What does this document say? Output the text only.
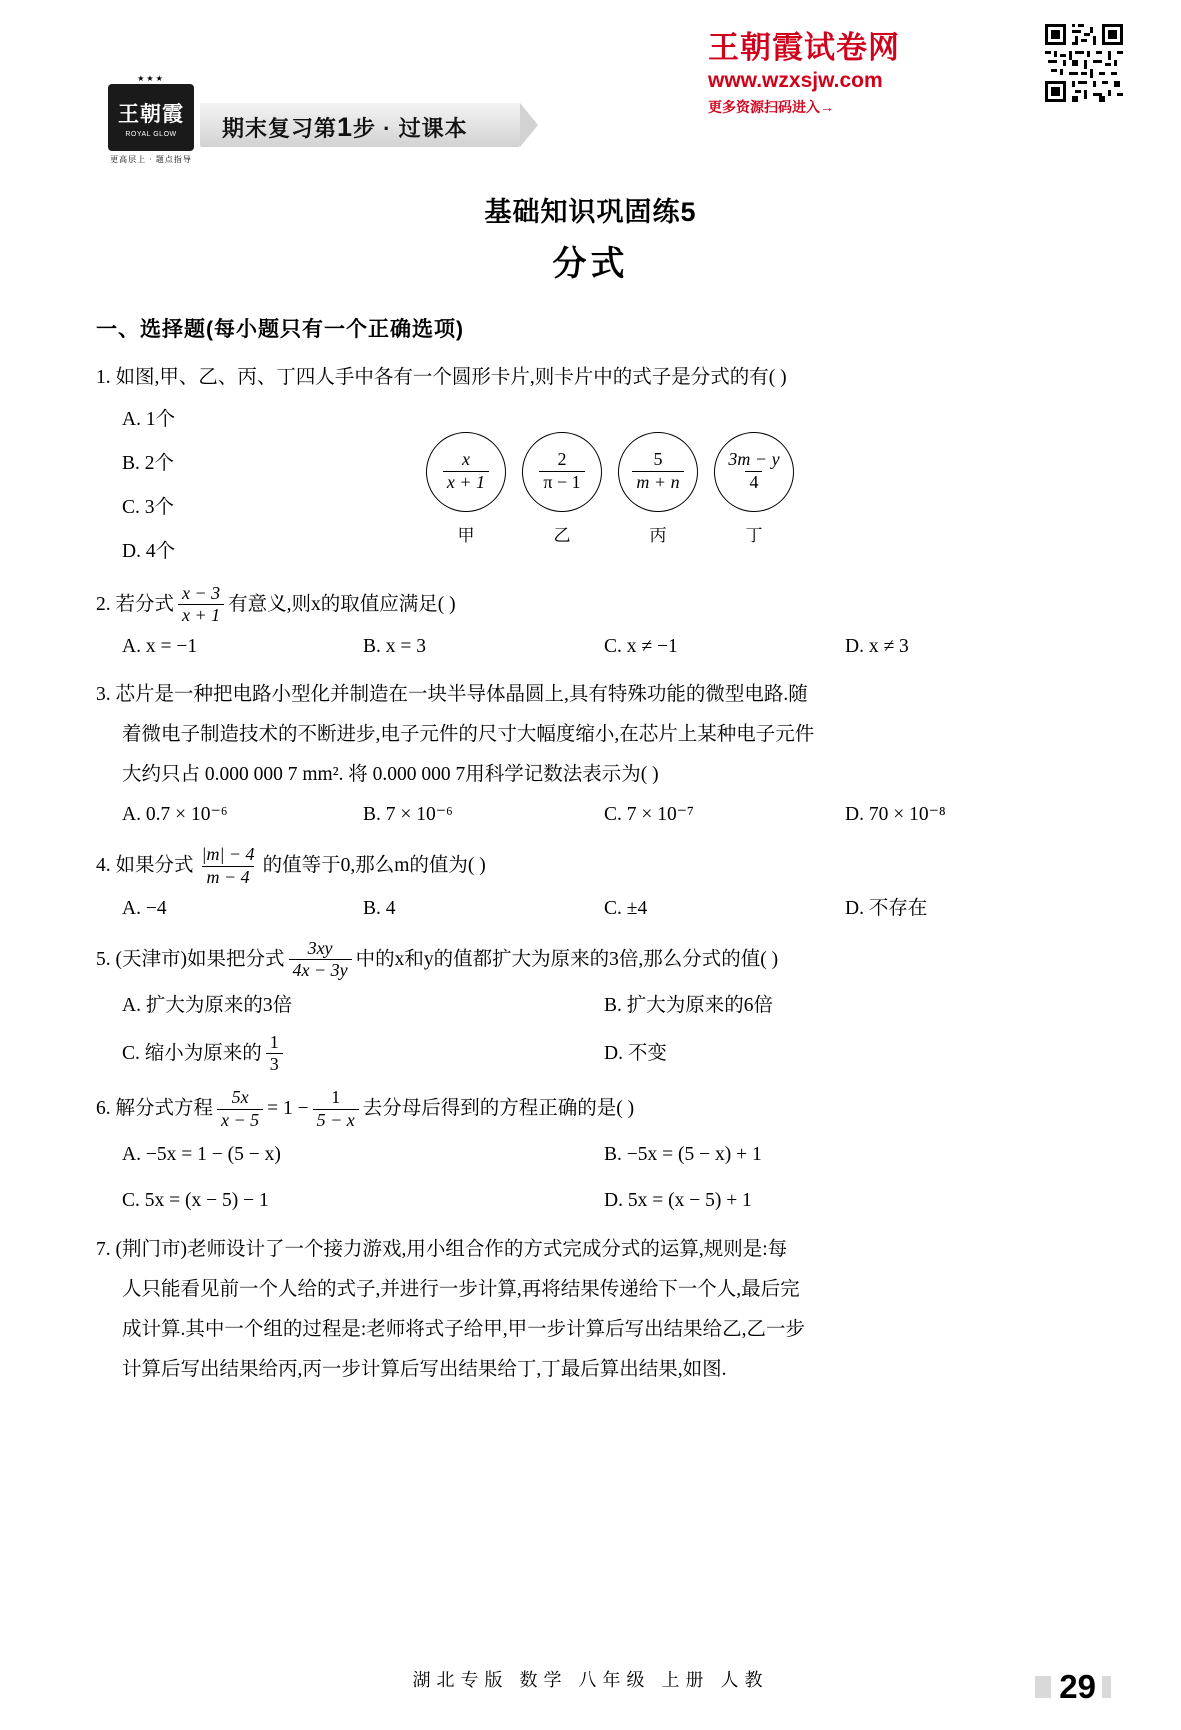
★★★
王朝霞
ROYAL GLOW
更高层上 · 题点指导
期末复习第1步 · 过课本
王朝霞试卷网
www.wzxsjw.com
更多资源扫码进入→
基础知识巩固练5
分式
一、选择题(每小题只有一个正确选项)
1. 如图,甲、乙、丙、丁四人手中各有一个圆形卡片,则卡片中的式子是分式的有( )
A. 1个
B. 2个
C. 3个
D. 4个
$\frac{x}{x + 1}$
甲
$\frac{2}{\pi - 1}$
乙
$\frac{5}{m + n}$
丙
$\frac{3m - y}{4}$
丁
2. 若分式 $\frac{x - 3}{x + 1}$ 有意义,则x的取值应满足( )
A. x = −1	B. x = 3	C. x ≠ −1	D. x ≠ 3
3. 芯片是一种把电路小型化并制造在一块半导体晶圆上,具有特殊功能的微型电路.随
着微电子制造技术的不断进步,电子元件的尺寸大幅度缩小,在芯片上某种电子元件
大约只占 0.000 000 7 mm². 将 0.000 000 7用科学记数法表示为( )
A. 0.7 × 10⁻⁶	B. 7 × 10⁻⁶	C. 7 × 10⁻⁷	D. 70 × 10⁻⁸
4. 如果分式 $\frac{|m| - 4}{m - 4}$ 的值等于0,那么m的值为( )
A. −4	B. 4	C. ±4	D. 不存在
5. (天津市)如果把分式 $\frac{3xy}{4x - 3y}$ 中的x和y的值都扩大为原来的3倍,那么分式的值( )
A. 扩大为原来的3倍	B. 扩大为原来的6倍
C. 缩小为原来的 $\frac{1}{3}$	D. 不变
6. 解分式方程 $\frac{5x}{x - 5} = 1 - \frac{1}{5 - x}$ 去分母后得到的方程正确的是( )
A. −5x = 1 − (5 − x)	B. −5x = (5 − x) + 1
C. 5x = (x − 5) − 1	D. 5x = (x − 5) + 1
7. (荆门市)老师设计了一个接力游戏,用小组合作的方式完成分式的运算,规则是:每
人只能看见前一个人给的式子,并进行一步计算,再将结果传递给下一个人,最后完
成计算.其中一个组的过程是:老师将式子给甲,甲一步计算后写出结果给乙,乙一步
计算后写出结果给丙,丙一步计算后写出结果给丁,丁最后算出结果,如图.
湖北专版 数学 八年级 上册 人教	29
